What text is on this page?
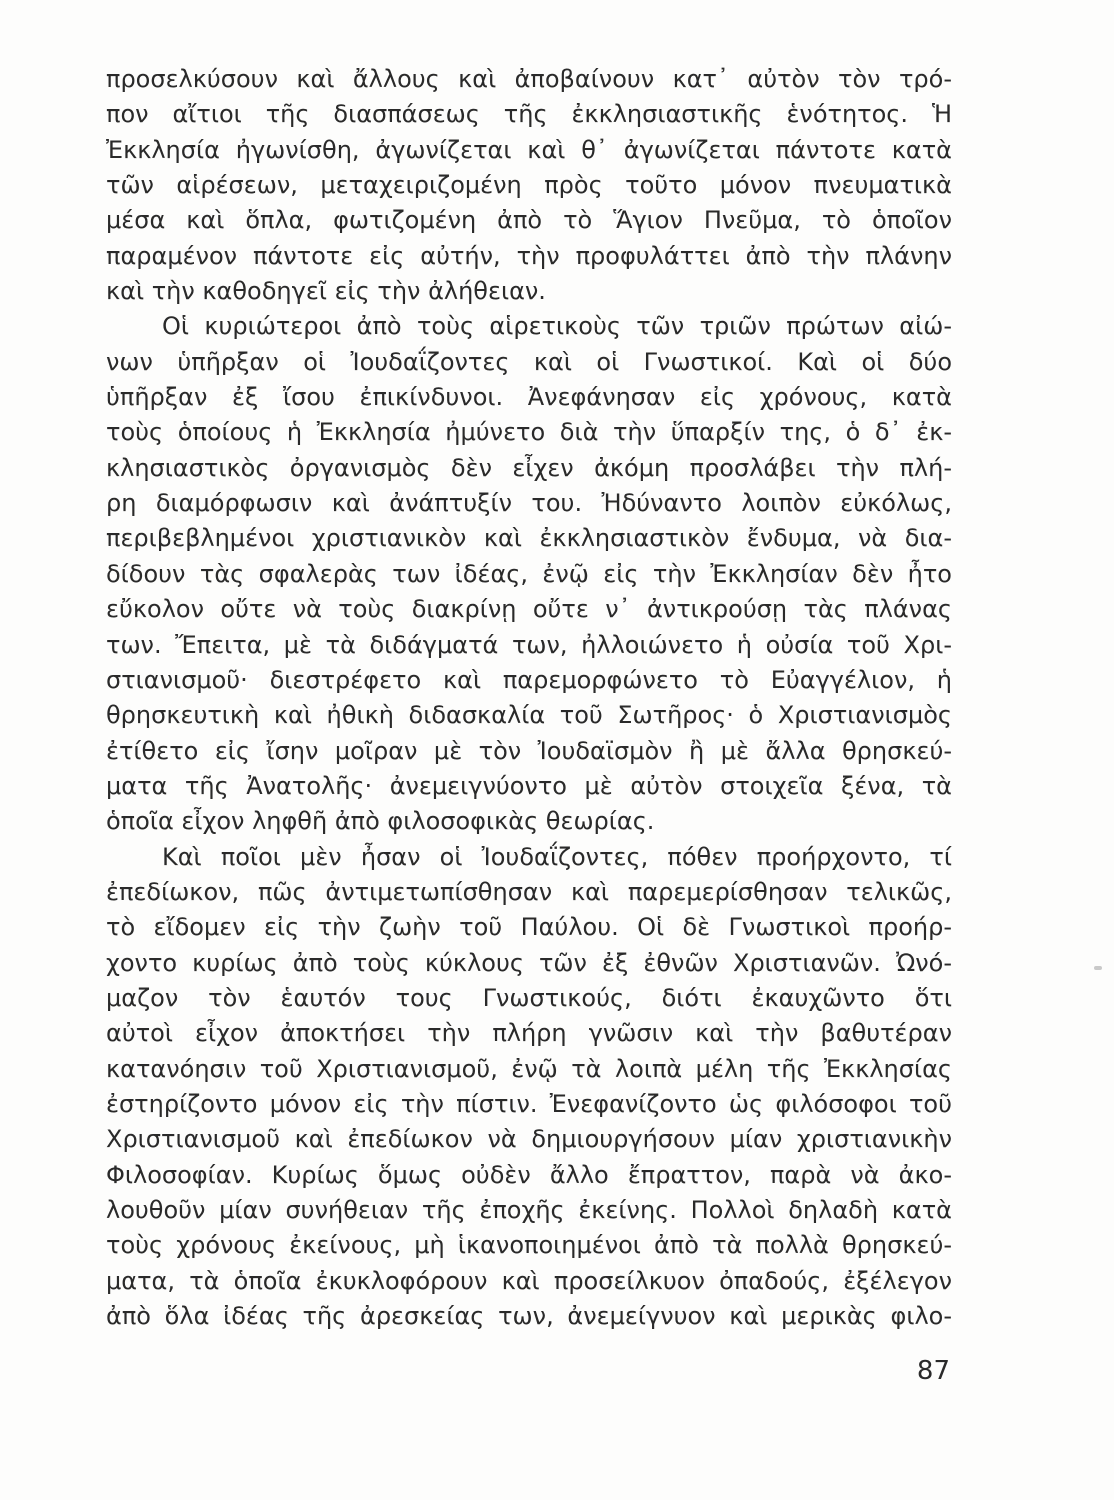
προσελκύσουν καὶ ἄλλους καὶ ἀποβαίνουν κατ᾽ αὐτὸν τὸν τρό-
πον αἴτιοι τῆς διασπάσεως τῆς ἐκκλησιαστικῆς ἑνότητος. Ἡ
Ἐκκλησία ἠγωνίσθη, ἀγωνίζεται καὶ θ᾽ ἀγωνίζεται πάντοτε κατὰ
τῶν αἱρέσεων, μεταχειριζομένη πρὸς τοῦτο μόνον πνευματικὰ
μέσα καὶ ὅπλα, φωτιζομένη ἀπὸ τὸ Ἅγιον Πνεῦμα, τὸ ὁποῖον
παραμένον πάντοτε εἰς αὐτήν, τὴν προφυλάττει ἀπὸ τὴν πλάνην
καὶ τὴν καθοδηγεῖ εἰς τὴν ἀλήθειαν.
Οἱ κυριώτεροι ἀπὸ τοὺς αἱρετικοὺς τῶν τριῶν πρώτων αἰώ-
νων ὑπῆρξαν οἱ Ἰουδαΐζοντες καὶ οἱ Γνωστικοί. Καὶ οἱ δύο
ὑπῆρξαν ἐξ ἴσου ἐπικίνδυνοι. Ἀνεφάνησαν εἰς χρόνους, κατὰ
τοὺς ὁποίους ἡ Ἐκκλησία ἠμύνετο διὰ τὴν ὕπαρξίν της, ὁ δ᾽ ἐκ-
κλησιαστικὸς ὀργανισμὸς δὲν εἶχεν ἀκόμη προσλάβει τὴν πλή-
ρη διαμόρφωσιν καὶ ἀνάπτυξίν του. Ἠδύναντο λοιπὸν εὐκόλως,
περιβεβλημένοι χριστιανικὸν καὶ ἐκκλησιαστικὸν ἔνδυμα, νὰ δια-
δίδουν τὰς σφαλερὰς των ἰδέας, ἐνῷ εἰς τὴν Ἐκκλησίαν δὲν ἦτο
εὔκολον οὔτε νὰ τοὺς διακρίνῃ οὔτε ν᾽ ἀντικρούσῃ τὰς πλάνας
των. Ἔπειτα, μὲ τὰ διδάγματά των, ἠλλοιώνετο ἡ οὐσία τοῦ Χρι-
στιανισμοῦ· διεστρέφετο καὶ παρεμορφώνετο τὸ Εὐαγγέλιον, ἡ
θρησκευτικὴ καὶ ἠθικὴ διδασκαλία τοῦ Σωτῆρος· ὁ Χριστιανισμὸς
ἐτίθετο εἰς ἴσην μοῖραν μὲ τὸν Ἰουδαϊσμὸν ἢ μὲ ἄλλα θρησκεύ-
ματα τῆς Ἀνατολῆς· ἀνεμειγνύοντο μὲ αὐτὸν στοιχεῖα ξένα, τὰ
ὁποῖα εἶχον ληφθῆ ἀπὸ φιλοσοφικὰς θεωρίας.
Καὶ ποῖοι μὲν ἦσαν οἱ Ἰουδαΐζοντες, πόθεν προήρχοντο, τί
ἐπεδίωκον, πῶς ἀντιμετωπίσθησαν καὶ παρεμερίσθησαν τελικῶς,
τὸ εἴδομεν εἰς τὴν ζωὴν τοῦ Παύλου. Οἱ δὲ Γνωστικοὶ προήρ-
χοντο κυρίως ἀπὸ τοὺς κύκλους τῶν ἐξ ἐθνῶν Χριστιανῶν. Ὠνό-
μαζον τὸν ἑαυτόν τους Γνωστικούς, διότι ἐκαυχῶντο ὅτι
αὐτοὶ εἶχον ἀποκτήσει τὴν πλήρη γνῶσιν καὶ τὴν βαθυτέραν
κατανόησιν τοῦ Χριστιανισμοῦ, ἐνῷ τὰ λοιπὰ μέλη τῆς Ἐκκλησίας
ἐστηρίζοντο μόνον εἰς τὴν πίστιν. Ἐνεφανίζοντο ὡς φιλόσοφοι τοῦ
Χριστιανισμοῦ καὶ ἐπεδίωκον νὰ δημιουργήσουν μίαν χριστιανικὴν
Φιλοσοφίαν. Κυρίως ὅμως οὐδὲν ἄλλο ἔπραττον, παρὰ νὰ ἀκο-
λουθοῦν μίαν συνήθειαν τῆς ἐποχῆς ἐκείνης. Πολλοὶ δηλαδὴ κατὰ
τοὺς χρόνους ἐκείνους, μὴ ἱκανοποιημένοι ἀπὸ τὰ πολλὰ θρησκεύ-
ματα, τὰ ὁποῖα ἐκυκλοφόρουν καὶ προσείλκυον ὀπαδούς, ἐξέλεγον
ἀπὸ ὅλα ἰδέας τῆς ἀρεσκείας των, ἀνεμείγνυον καὶ μερικὰς φιλο-
87
